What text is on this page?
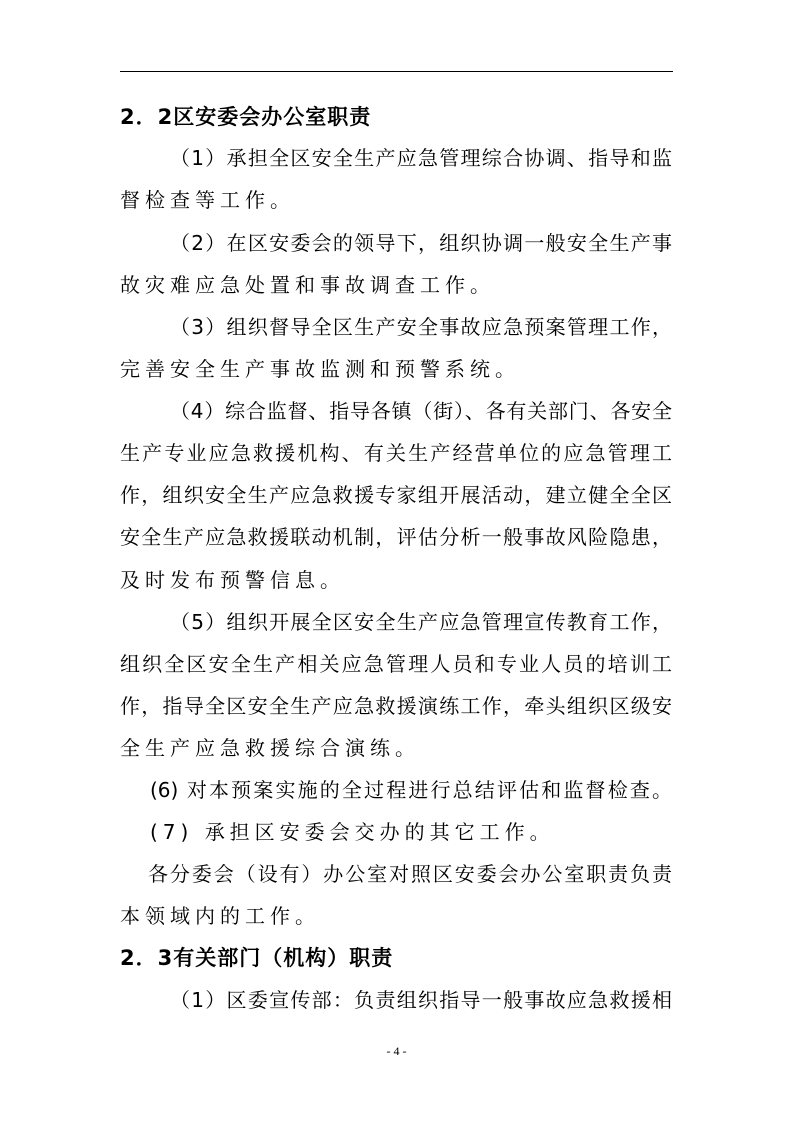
2．2区安委会办公室职责
（1）承担全区安全生产应急管理综合协调、指导和监
督检查等工作。
（2）在区安委会的领导下，组织协调一般安全生产事
故灾难应急处置和事故调查工作。
（3）组织督导全区生产安全事故应急预案管理工作，
完善安全生产事故监测和预警系统。
（4）综合监督、指导各镇（街）、各有关部门、各安全
生产专业应急救援机构、有关生产经营单位的应急管理工
作，组织安全生产应急救援专家组开展活动，建立健全全区
安全生产应急救援联动机制，评估分析一般事故风险隐患，
及时发布预警信息。
（5）组织开展全区安全生产应急管理宣传教育工作，
组织全区安全生产相关应急管理人员和专业人员的培训工
作，指导全区安全生产应急救援演练工作，牵头组织区级安
全生产应急救援综合演练。
(6) 对本预案实施的全过程进行总结评估和监督检查。
(7) 承担区安委会交办的其它工作。
各分委会（设有）办公室对照区安委会办公室职责负责
本领域内的工作。
2．3有关部门（机构）职责
（1）区委宣传部：负责组织指导一般事故应急救援相
- 4 -
